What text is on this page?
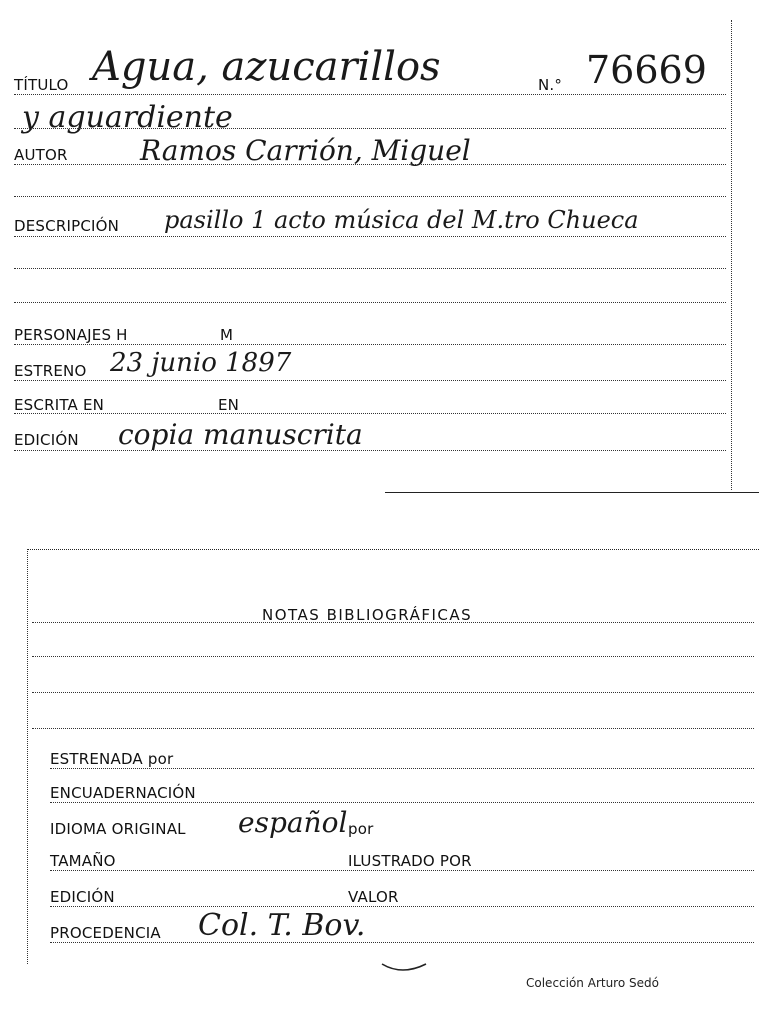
TÍTULO Agua, azucarillos	N.° 76669
y aguardiente
AUTOR	Ramos Carrión, Miguel
DESCRIPCIÓN pasillo 1 acto música del M.tro Chueca
PERSONAJES H	M
ESTRENO 23 junio 1897
ESCRITA EN	EN
EDICIÓN copia manuscrita
NOTAS BIBLIOGRÁFICAS
ESTRENADA por
ENCUADERNACIÓN
IDIOMA ORIGINAL español por
TAMAÑO	ILUSTRADO POR
EDICIÓN	VALOR
PROCEDENCIA Col. T. Bov.
Colección Arturo Sedó
